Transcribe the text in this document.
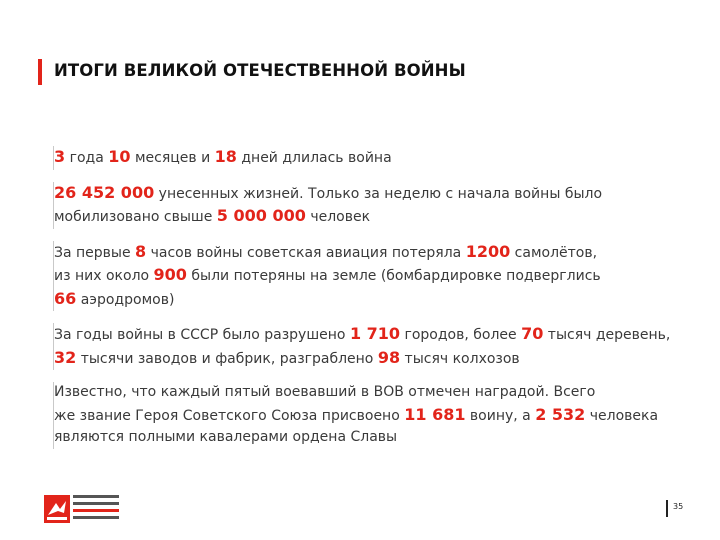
ИТОГИ ВЕЛИКОЙ ОТЕЧЕСТВЕННОЙ ВОЙНЫ

3 года 10 месяцев и 18 дней длилась война

26 452 000 унесенных жизней. Только за неделю с начала войны было
мобилизовано свыше 5 000 000 человек

За первые 8 часов войны советская авиация потеряла 1200 самолётов,
из них около 900 были потеряны на земле (бомбардировке подверглись
66 аэродромов)

За годы войны в СССР было разрушено 1 710 городов, более 70 тысяч деревень,
32 тысячи заводов и фабрик, разграблено 98 тысяч колхозов

Известно, что каждый пятый воевавший в ВОВ отмечен наградой. Всего
же звание Героя Советского Союза присвоено 11 681 воину, а 2 532 человека
являются полными кавалерами ордена Славы

35
